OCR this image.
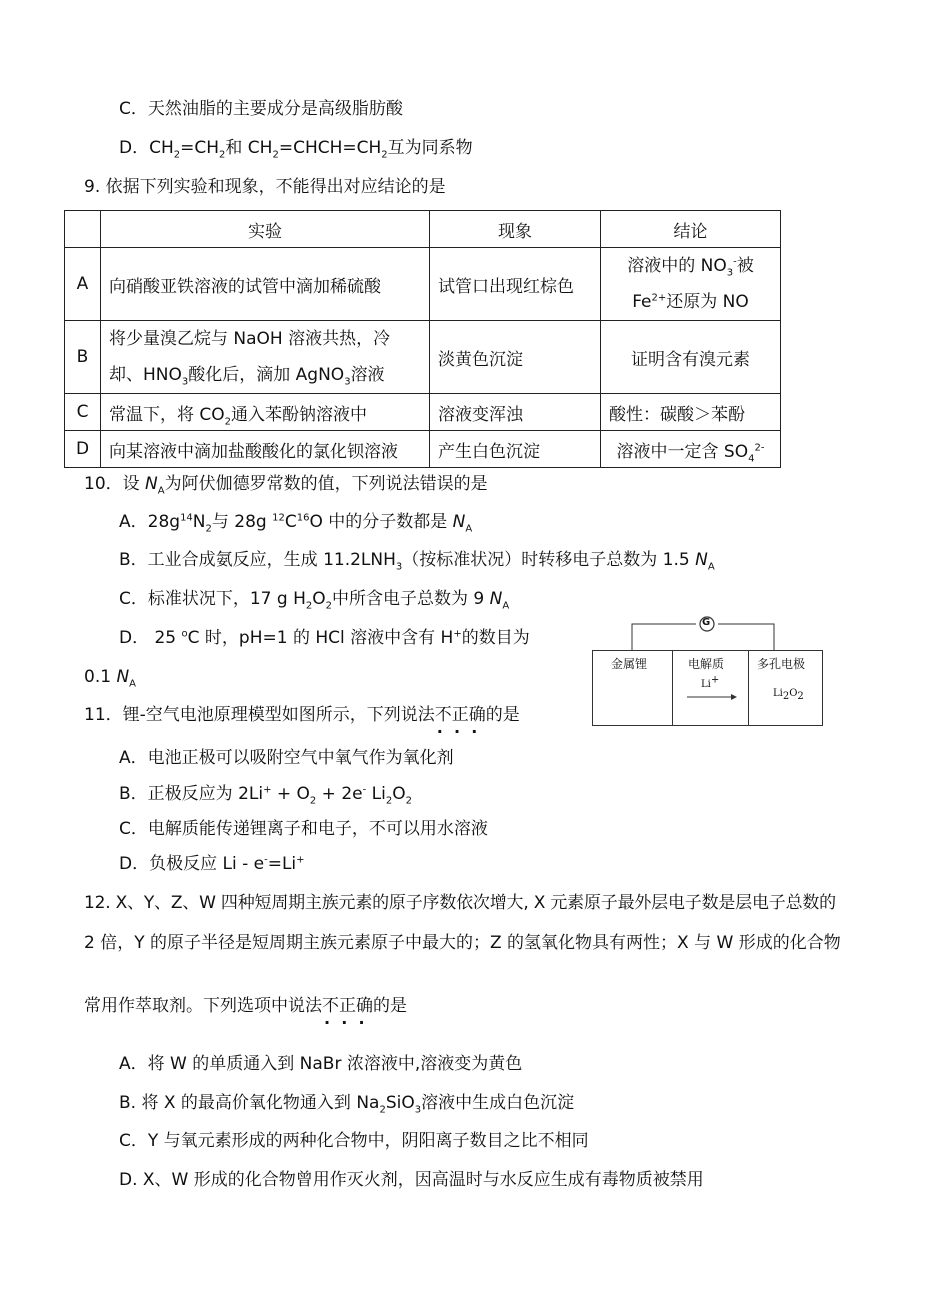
C．天然油脂的主要成分是高级脂肪酸
D．$CH_2=CH_2$和 $CH_2=CHCH=CH_2$互为同系物
9. 依据下列实验和现象，不能得出对应结论的是
	实验	现象	结论
A	向硝酸亚铁溶液的试管中滴加稀硫酸	试管口出现红棕色	溶液中的 $NO_3^-$被
$Fe^{2+}$还原为 NO

B	将少量溴乙烷与 NaOH 溶液共热，冷
却、$HNO_3$酸化后，滴加 AgNO$_3$溶液	淡黄色沉淀	证明含有溴元素
C	常温下，将 $CO_2$通入苯酚钠溶液中	溶液变浑浊	酸性：碳酸＞苯酚
D	向某溶液中滴加盐酸酸化的氯化钡溶液	产生白色沉淀	溶液中一定含 $SO_4^{2-}$
10．设 $N_A$为阿伏伽德罗常数的值，下列说法错误的是
A．$28g^{14}N_2$与 28g $^{12}C^{16}O$ 中的分子数都是 $N_A$
B．工业合成氨反应，生成 $11.2LNH_3$（按标准状况）时转移电子总数为 1.5 $N_A$
C．标准状况下，17 g $H_2O_2$中所含电子总数为 9 $N_A$
D． 25 $^o$C 时，pH=1 的 HCl 溶液中含有 H+的数目为
0.1 $N_A$
G
金属锂	电解质	多孔电极
Li+
$Li_2O_2$
11．锂-空气电池原理模型如图所示，下列说法不正确 ·  ·  ·的是
A．电池正极可以吸附空气中氧气作为氧化剂
B．正极反应为 $2Li^+ + O_2 + 2e^-$ $Li_2O_2$
C．电解质能传递锂离子和电子，不可以用水溶液
D．负极反应 Li - e-=Li+
12. X、Y、Z、W 四种短周期主族元素的原子序数依次增大, X 元素原子最外层电子数是层电子总数的
2 倍，Y 的原子半径是短周期主族元素原子中最大的；Z 的氢氧化物具有两性；X 与 W 形成的化合物
常用作萃取剂。下列选项中说法不正确 ·  ·  ·的是
A．将 W 的单质通入到 NaBr 浓溶液中,溶液变为黄色
B. 将 X 的最高价氧化物通入到 $Na_2SiO_3$溶液中生成白色沉淀
C．Y 与氧元素形成的两种化合物中，阴阳离子数目之比不相同
D. X、W 形成的化合物曾用作灭火剂，因高温时与水反应生成有毒物质被禁用
